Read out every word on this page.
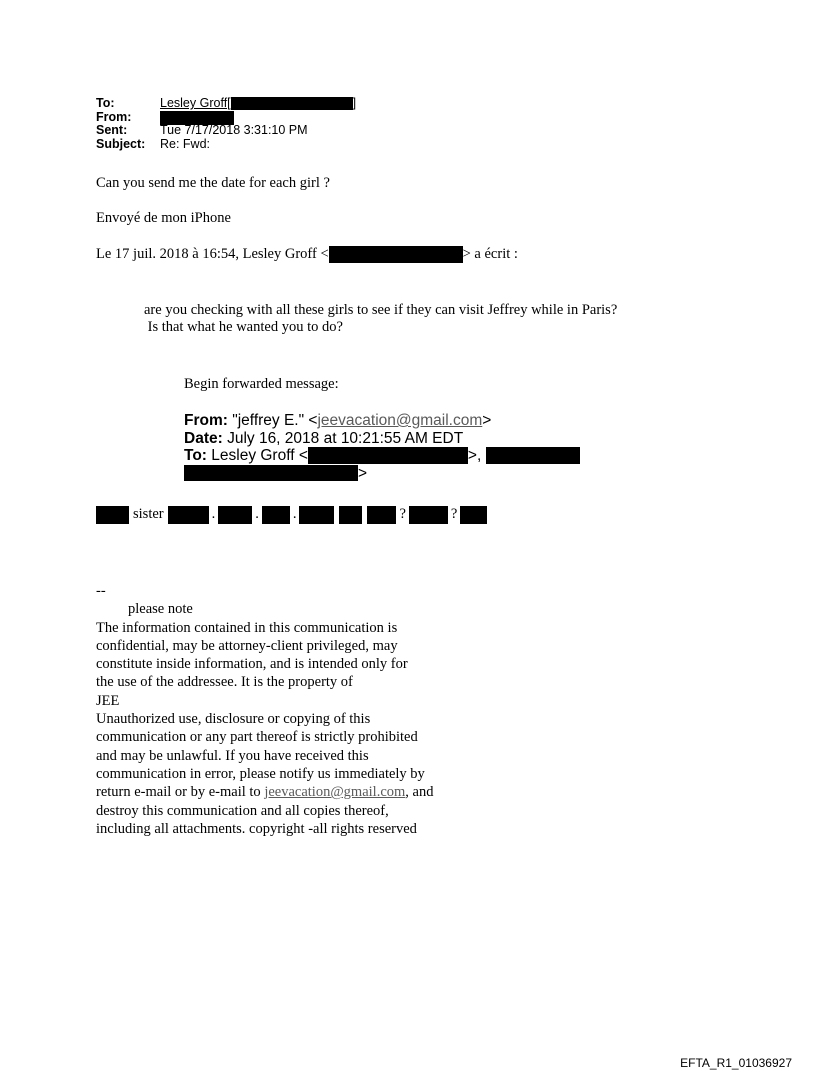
To:	Lesley Groff[	]
From:
Sent:	Tue 7/17/2018 3:31:10 PM
Subject:	Re: Fwd:
Can you send me the date for each girl ?
Envoyé de mon iPhone
Le 17 juil. 2018 à 16:54, Lesley Groff <	> a écrit :
are you checking with all these girls to see if they can visit Jeffrey while in Paris?
Is that what he wanted you to do?
Begin forwarded message:
From: "jeffrey E." <jeevacation@gmail.com>
Date: July 16, 2018 at 10:21:55 AM EDT
To: Lesley Groff <	>,
>
sister	.	. .	?	?
--
please note
The information contained in this communication is
confidential, may be attorney-client privileged, may
constitute inside information, and is intended only for
the use of the addressee. It is the property of
JEE
Unauthorized use, disclosure or copying of this
communication or any part thereof is strictly prohibited
and may be unlawful. If you have received this
communication in error, please notify us immediately by
return e-mail or by e-mail to jeevacation@gmail.com, and
destroy this communication and all copies thereof,
including all attachments. copyright -all rights reserved
EFTA_R1_01036927
